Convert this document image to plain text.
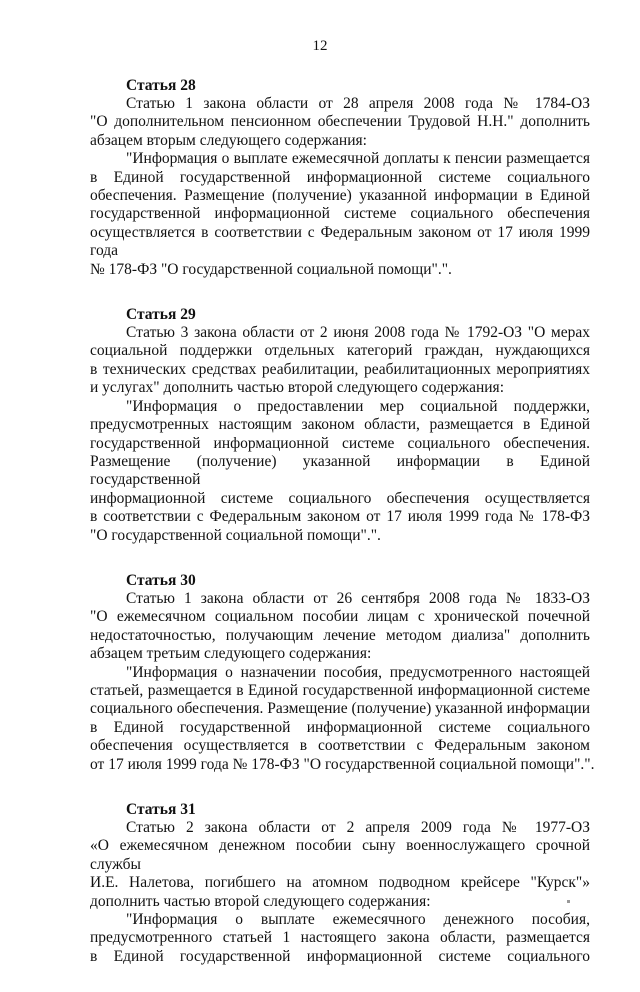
12
Статья 28
Статью 1 закона области от 28 апреля 2008 года № 1784-ОЗ
"О дополнительном пенсионном обеспечении Трудовой Н.Н." дополнить
абзацем вторым следующего содержания:
"Информация о выплате ежемесячной доплаты к пенсии размещается
в Единой государственной информационной системе социального
обеспечения. Размещение (получение) указанной информации в Единой
государственной информационной системе социального обеспечения
осуществляется в соответствии с Федеральным законом от 17 июля 1999 года
№ 178-ФЗ "О государственной социальной помощи".".
Статья 29
Статью 3 закона области от 2 июня 2008 года № 1792-ОЗ "О мерах
социальной поддержки отдельных категорий граждан, нуждающихся
в технических средствах реабилитации, реабилитационных мероприятиях
и услугах" дополнить частью второй следующего содержания:
"Информация о предоставлении мер социальной поддержки,
предусмотренных настоящим законом области, размещается в Единой
государственной информационной системе социального обеспечения.
Размещение (получение) указанной информации в Единой государственной
информационной системе социального обеспечения осуществляется
в соответствии с Федеральным законом от 17 июля 1999 года № 178-ФЗ
"О государственной социальной помощи".".
Статья 30
Статью 1 закона области от 26 сентября 2008 года № 1833-ОЗ
"О ежемесячном социальном пособии лицам с хронической почечной
недостаточностью, получающим лечение методом диализа" дополнить
абзацем третьим следующего содержания:
"Информация о назначении пособия, предусмотренного настоящей
статьей, размещается в Единой государственной информационной системе
социального обеспечения. Размещение (получение) указанной информации
в Единой государственной информационной системе социального
обеспечения осуществляется в соответствии с Федеральным законом
от 17 июля 1999 года № 178-ФЗ "О государственной социальной помощи".".
Статья 31
Статью 2 закона области от 2 апреля 2009 года № 1977-ОЗ
«О ежемесячном денежном пособии сыну военнослужащего срочной службы
И.Е. Налетова, погибшего на атомном подводном крейсере "Курск"»
дополнить частью второй следующего содержания:
"Информация о выплате ежемесячного денежного пособия,
предусмотренного статьей 1 настоящего закона области, размещается
в Единой государственной информационной системе социального
